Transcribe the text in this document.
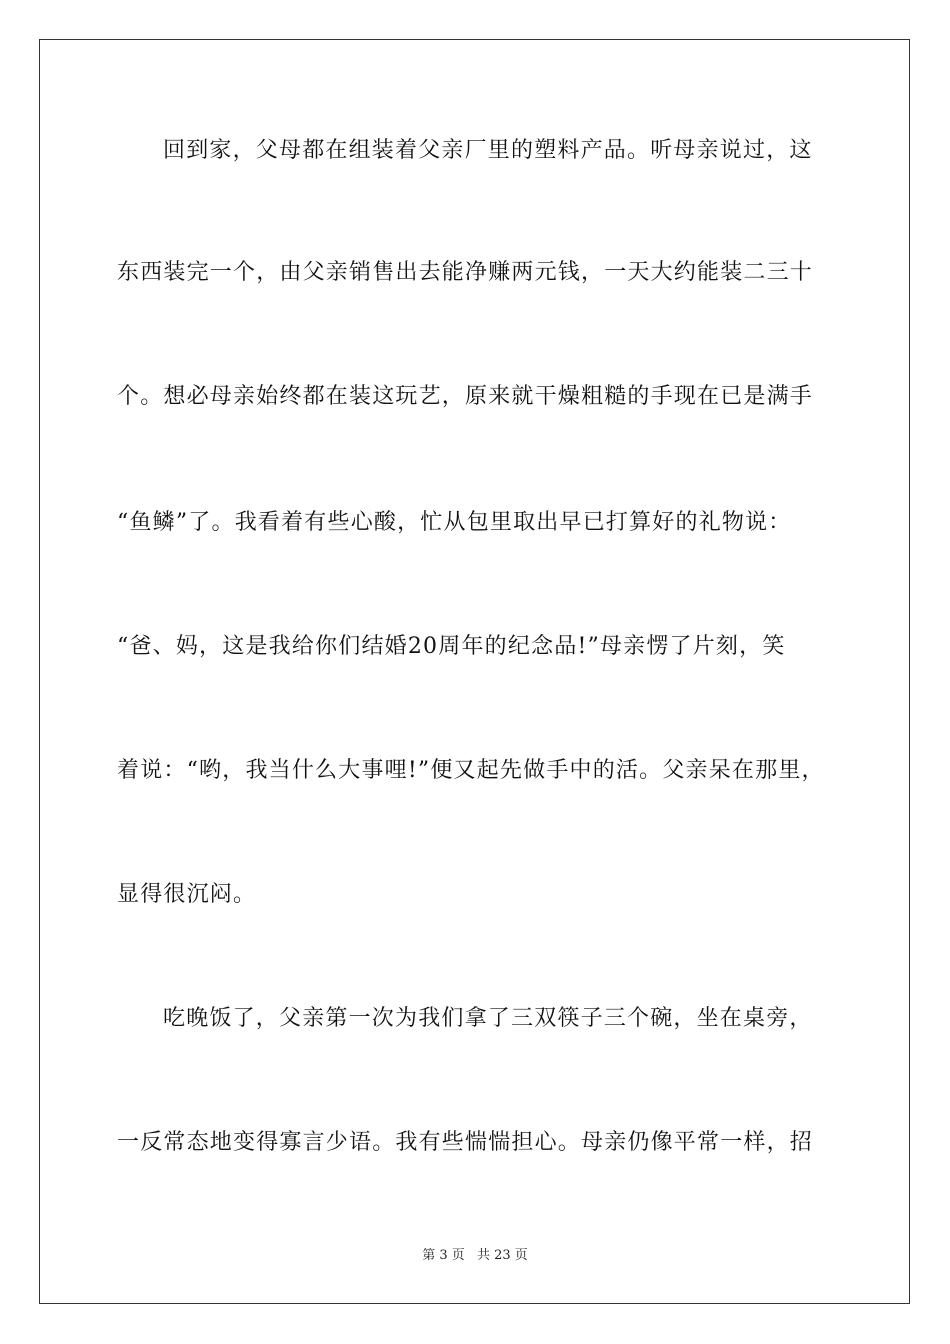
回到家，父母都在组装着父亲厂里的塑料产品。听母亲说过，这
东西装完一个，由父亲销售出去能净赚两元钱，一天大约能装二三十
个。想必母亲始终都在装这玩艺，原来就干燥粗糙的手现在已是满手
“鱼鳞”了。我看着有些心酸，忙从包里取出早已打算好的礼物说：
“爸、妈，这是我给你们结婚20周年的纪念品!”母亲愣了片刻，笑
着说：“哟，我当什么大事哩!”便又起先做手中的活。父亲呆在那里，
显得很沉闷。
吃晚饭了，父亲第一次为我们拿了三双筷子三个碗，坐在桌旁，
一反常态地变得寡言少语。我有些惴惴担心。母亲仍像平常一样，招
第 3 页 共 23 页
